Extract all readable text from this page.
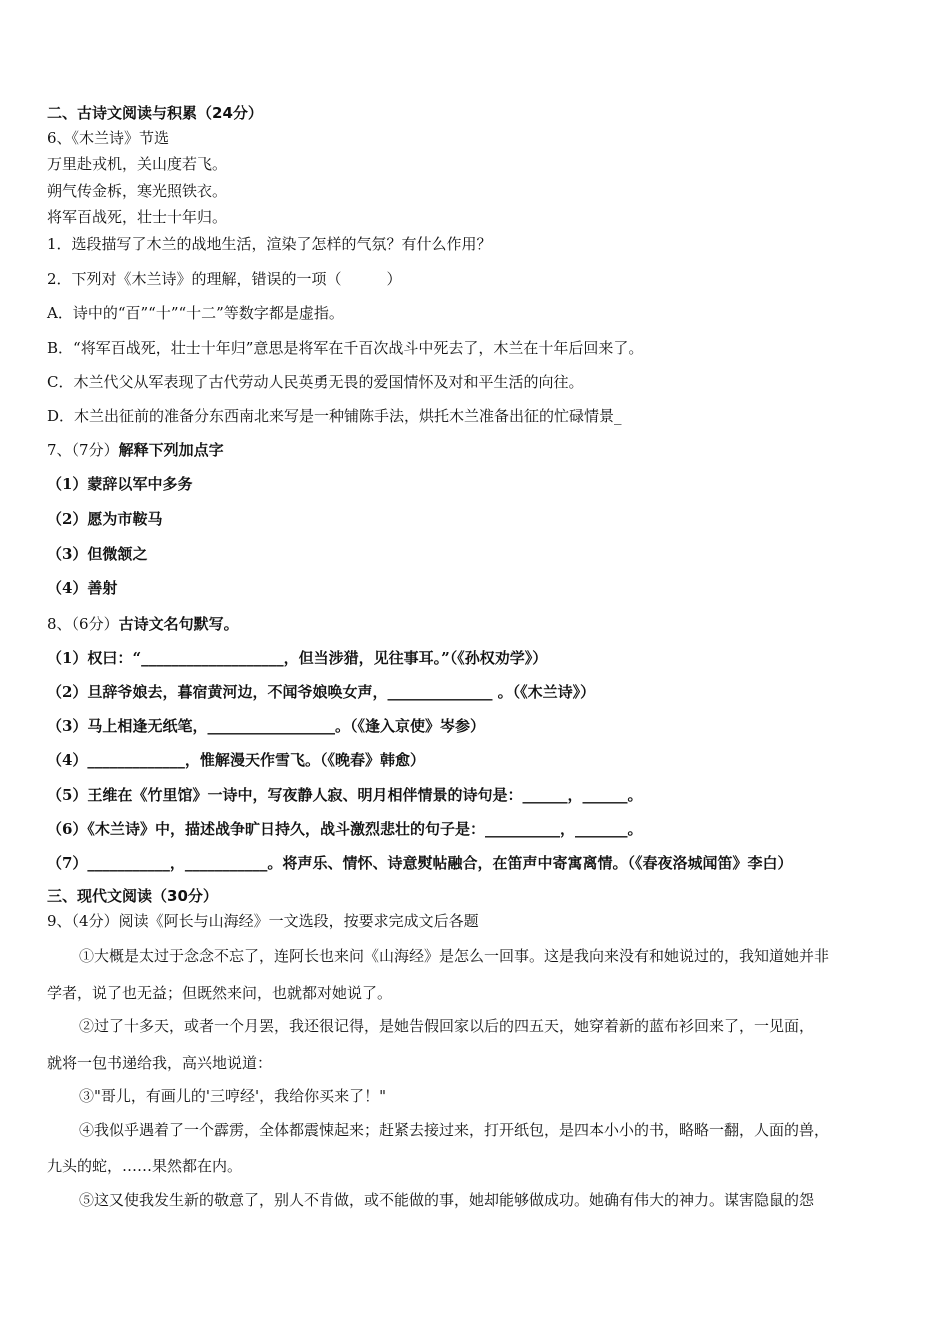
二、古诗文阅读与积累（24分）
6、《木兰诗》节选
万里赴戎机，关山度若飞。
朔气传金柝，寒光照铁衣。
将军百战死，壮士十年归。
1．选段描写了木兰的战地生活，渲染了怎样的气氛？有什么作用？
2．下列对《木兰诗》的理解，错误的一项（　　　）
A．诗中的“百”“十”“十二”等数字都是虚指。
B．“将军百战死，壮士十年归”意思是将军在千百次战斗中死去了，木兰在十年后回来了。
C．木兰代父从军表现了古代劳动人民英勇无畏的爱国情怀及对和平生活的向往。
D．木兰出征前的准备分东西南北来写是一种铺陈手法，烘托木兰准备出征的忙碌情景_
7、（7分）解释下列加点字
（1）蒙辞以军中多务
（2）愿为市鞍马
（3）但微颔之
（4）善射
8、（6分）古诗文名句默写。
（1）权曰：“___________________，但当涉猎，见往事耳。”（《孙权劝学》）
（2）旦辞爷娘去，暮宿黄河边，不闻爷娘唤女声，______________ 。（《木兰诗》）
（3）马上相逢无纸笔，_________________。（《逢入京使》岑参）
（4）_____________，惟解漫天作雪飞。（《晚春》韩愈）
（5）王维在《竹里馆》一诗中，写夜静人寂、明月相伴情景的诗句是：______，______。
（6）《木兰诗》中，描述战争旷日持久，战斗激烈悲壮的句子是：__________，_______。
（7）___________，___________。将声乐、情怀、诗意熨帖融合，在笛声中寄寓离情。（《春夜洛城闻笛》李白）
三、现代文阅读（30分）
9、（4分）阅读《阿长与山海经》一文选段，按要求完成文后各题
①大概是太过于念念不忘了，连阿长也来问《山海经》是怎么一回事。这是我向来没有和她说过的，我知道她并非
学者，说了也无益；但既然来问，也就都对她说了。
②过了十多天，或者一个月罢，我还很记得，是她告假回家以后的四五天，她穿着新的蓝布衫回来了，一见面，
就将一包书递给我，高兴地说道：
③"哥儿，有画儿的'三哼经'，我给你买来了！"
④我似乎遇着了一个霹雳，全体都震悚起来；赶紧去接过来，打开纸包，是四本小小的书，略略一翻，人面的兽，
九头的蛇，……果然都在内。
⑤这又使我发生新的敬意了，别人不肯做，或不能做的事，她却能够做成功。她确有伟大的神力。谋害隐鼠的怨
